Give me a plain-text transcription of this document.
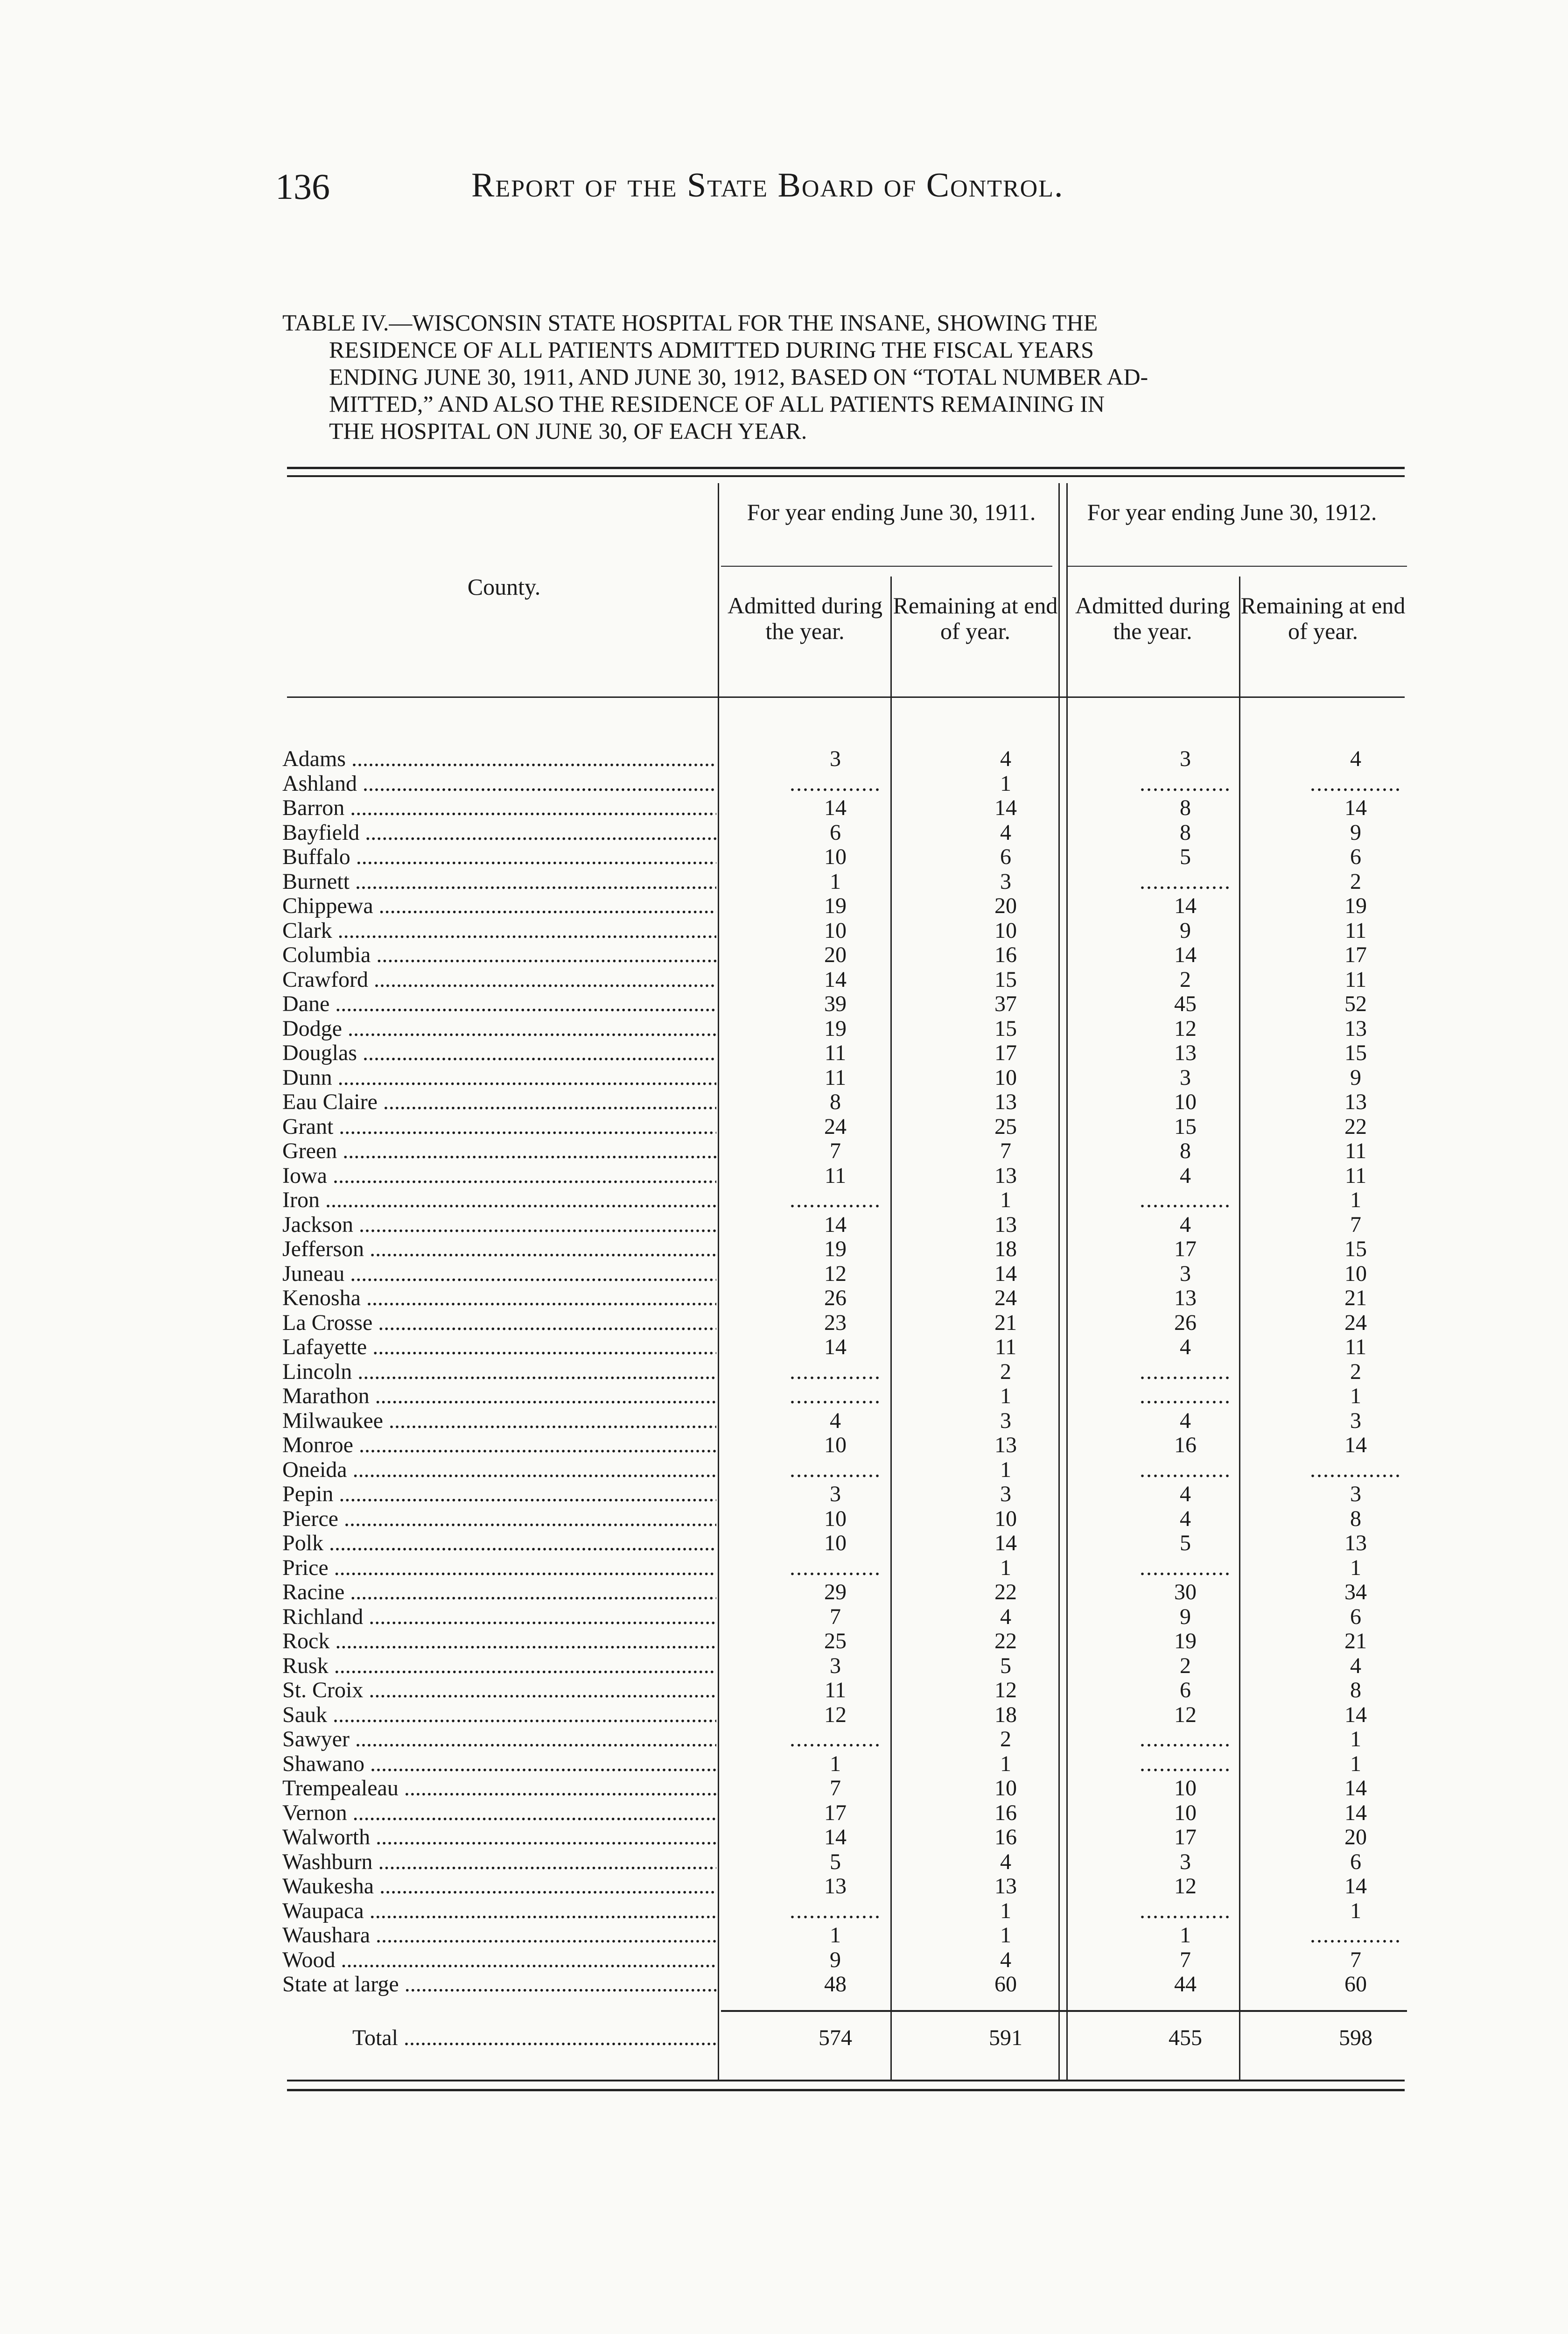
136	Report of the State Board of Control.
TABLE IV.—WISCONSIN STATE HOSPITAL FOR THE INSANE, SHOWING THE
RESIDENCE OF ALL PATIENTS ADMITTED DURING THE FISCAL YEARS
ENDING JUNE 30, 1911, AND JUNE 30, 1912, BASED ON “TOTAL NUMBER AD-
MITTED,” AND ALSO THE RESIDENCE OF ALL PATIENTS REMAINING IN
THE HOSPITAL ON JUNE 30, OF EACH YEAR.
County.
For year ending June 30, 1911.	For year ending June 30, 1912.
Admitted during the year.
Remaining at end of year.
Admitted during the year.
Remaining at end of year.
Adams .....	3	4	3	4
Ashland .....	..............	1	..............	..............
Barron .....	14	14	8	14
Bayfield .....	6	4	8	9
Buffalo .....	10	6	5	6
Burnett .....	1	3	..............	2
Chippewa .....	19	20	14	19
Clark .....	10	10	9	11
Columbia .....	20	16	14	17
Crawford .....	14	15	2	11
Dane .....	39	37	45	52
Dodge .....	19	15	12	13
Douglas .....	11	17	13	15
Dunn .....	11	10	3	9
Eau Claire .....	8	13	10	13
Grant .....	24	25	15	22
Green .....	7	7	8	11
Iowa .....	11	13	4	11
Iron .....	..............	1	..............	1
Jackson .....	14	13	4	7
Jefferson .....	19	18	17	15
Juneau .....	12	14	3	10
Kenosha .....	26	24	13	21
La Crosse .....	23	21	26	24
Lafayette .....	14	11	4	11
Lincoln .....	..............	2	..............	2
Marathon .....	..............	1	..............	1
Milwaukee .....	4	3	4	3
Monroe .....	10	13	16	14
Oneida .....	..............	1	..............	..............
Pepin .....	3	3	4	3
Pierce .....	10	10	4	8
Polk .....	10	14	5	13
Price .....	..............	1	..............	1
Racine .....	29	22	30	34
Richland .....	7	4	9	6
Rock .....	25	22	19	21
Rusk .....	3	5	2	4
St. Croix .....	11	12	6	8
Sauk .....	12	18	12	14
Sawyer .....	..............	2	..............	1
Shawano .....	1	1	..............	1
Trempealeau .....	7	10	10	14
Vernon .....	17	16	10	14
Walworth .....	14	16	17	20
Washburn .....	5	4	3	6
Waukesha .....	13	13	12	14
Waupaca .....	..............	1	..............	1
Waushara .....	1	1	1	..............
Wood .....	9	4	7	7
State at large .....	48	60	44	60
Total .....	574	591	455	598
